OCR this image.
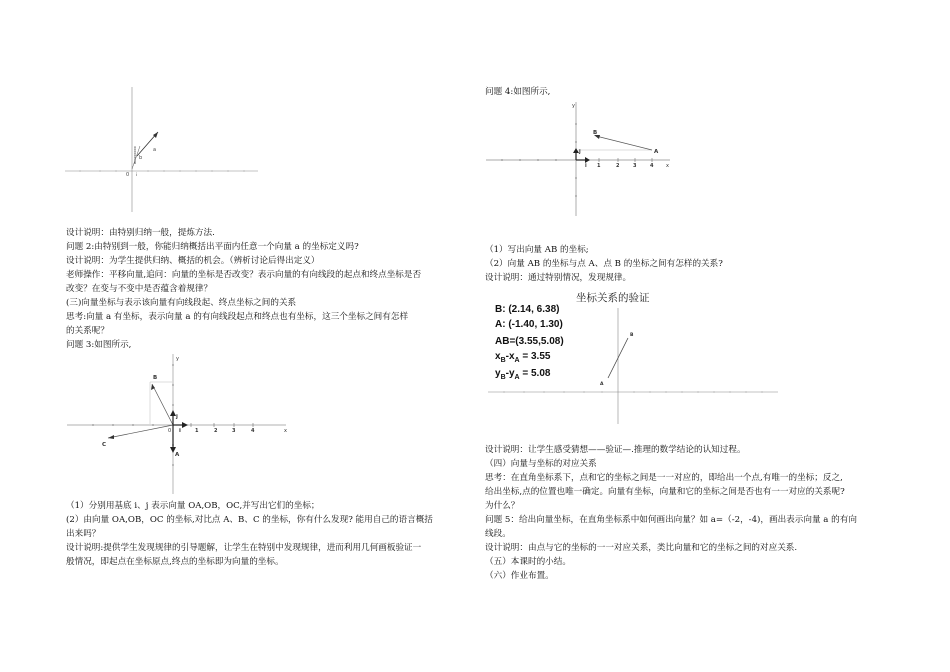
0 i
b
a
设计说明：由特别归纳一般，提炼方法.
问题 2:由特别到一般，你能归纳概括出平面内任意一个向量 a 的坐标定义吗?
设计说明：为学生提供归纳、概括的机会。（辨析讨论后得出定义）
老师操作：平移向量,追问：向量的坐标是否改变？表示向量的有向线段的起点和终点坐标是否
改变？在变与不变中是否蕴含着规律？
(三)向量坐标与表示该向量有向线段起、终点坐标之间的关系
思考:向量 a 有坐标，表示向量 a 的有向线段起点和终点也有坐标，这三个坐标之间有怎样
的关系呢？
问题 3:如图所示,
y
B
C
A
j
i
0	1	2	3	4	x
（1）分别用基底 i、j 表示向量 OA,OB，OC,并写出它们的坐标；
(2）由向量 OA,OB，OC 的坐标,对比点 A、B、C 的坐标，你有什么发现? 能用自己的语言概括
出来吗？
设计说明:提供学生发现规律的引导题解，让学生在特别中发现规律，进而利用几何画板验证一
般情况，即起点在坐标原点,终点的坐标即为向量的坐标。
问题 4:如图所示,
y
B
A
j
i 1	2	3	4	x
（1）写出向量 AB 的坐标;
（2）向量 AB 的坐标与点 A、点 B 的坐标之间有怎样的关系?
设计说明：通过特别情况，发现规律。
坐标关系的验证
A
B
B: (2.14, 6.38)
A: (-1.40, 1.30)
AB=(3.55,5.08)
$x_B-x_A = 3.55$
$y_B-y_A = 5.08$
设计说明：让学生感受猜想——验证—.推理的数学结论的认知过程。
（四）向量与坐标的对应关系
思考：在直角坐标系下，点和它的坐标之间是一一对应的，即给出一个点,有唯一的坐标；反之,
给出坐标,点的位置也唯一确定。向量有坐标，向量和它的坐标之间是否也有一一对应的关系呢?
为什么？
问题 5：给出向量坐标，在直角坐标系中如何画出向量？如 a=（-2，-4)，画出表示向量 a 的有向
线段。
设计说明：由点与它的坐标的一一对应关系，类比向量和它的坐标之间的对应关系.
（五）本课时的小结。
（六）作业布置。
